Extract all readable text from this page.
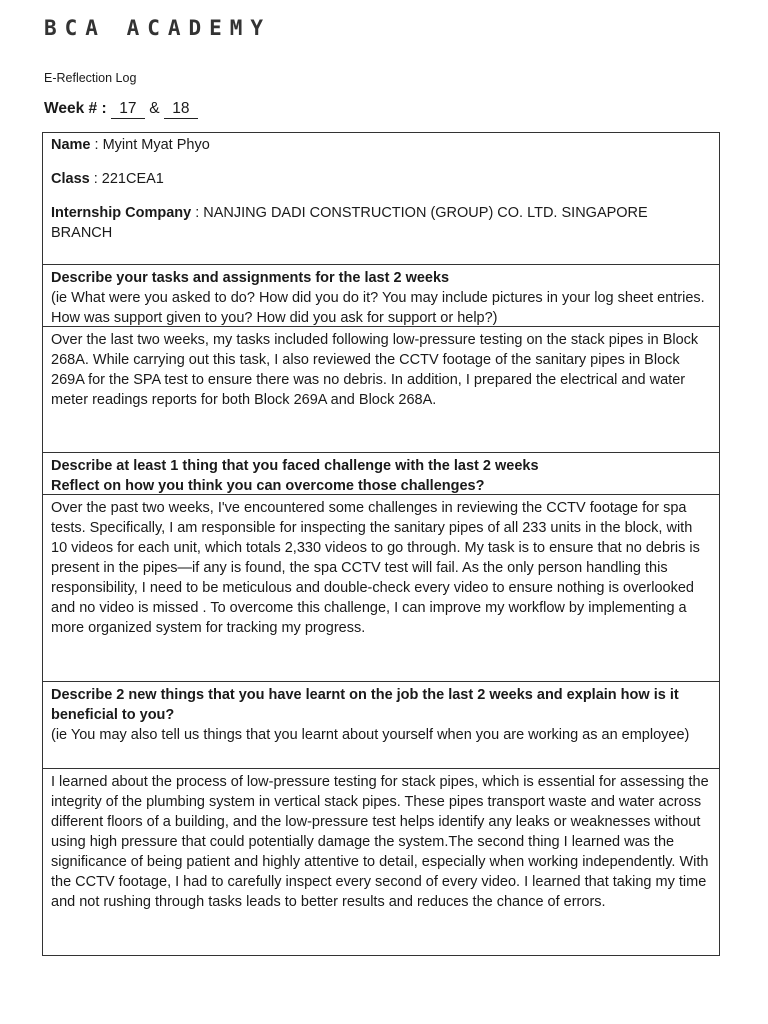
BCA ACADEMY
E-Reflection Log
Week # : 17 & 18

Name : Myint Myat Phyo

Class : 221CEA1

Internship Company : NANJING DADI CONSTRUCTION (GROUP) CO. LTD. SINGAPORE BRANCH

Describe your tasks and assignments for the last 2 weeks

(ie What were you asked to do? How did you do it? You may include pictures in your log sheet entries. How was support given to you? How did you ask for support or help?)

Over the last two weeks, my tasks included following low-pressure testing on the stack pipes in Block 268A. While carrying out this task, I also reviewed the CCTV footage of the sanitary pipes in Block 269A for the SPA test to ensure there was no debris. In addition, I prepared the electrical and water meter readings reports for both Block 269A and Block 268A.

Describe at least 1 thing that you faced challenge with the last 2 weeks

Reflect on how you think you can overcome those challenges?

Over the past two weeks, I've encountered some challenges in reviewing the CCTV footage for spa tests. Specifically, I am responsible for inspecting the sanitary pipes of all 233 units in the block, with 10 videos for each unit, which totals 2,330 videos to go through. My task is to ensure that no debris is present in the pipes—if any is found, the spa CCTV test will fail. As the only person handling this responsibility, I need to be meticulous and double-check every video to ensure nothing is overlooked and no video is missed . To overcome this challenge, I can improve my workflow by implementing a more organized system for tracking my progress.

Describe 2 new things that you have learnt on the job the last 2 weeks and explain how is it beneficial to you?

(ie You may also tell us things that you learnt about yourself when you are working as an employee)

I learned about the process of low-pressure testing for stack pipes, which is essential for assessing the integrity of the plumbing system in vertical stack pipes. These pipes transport waste and water across different floors of a building, and the low-pressure test helps identify any leaks or weaknesses without using high pressure that could potentially damage the system.The second thing I learned was the significance of being patient and highly attentive to detail, especially when working independently. With the CCTV footage, I had to carefully inspect every second of every video. I learned that taking my time and not rushing through tasks leads to better results and reduces the chance of errors.
